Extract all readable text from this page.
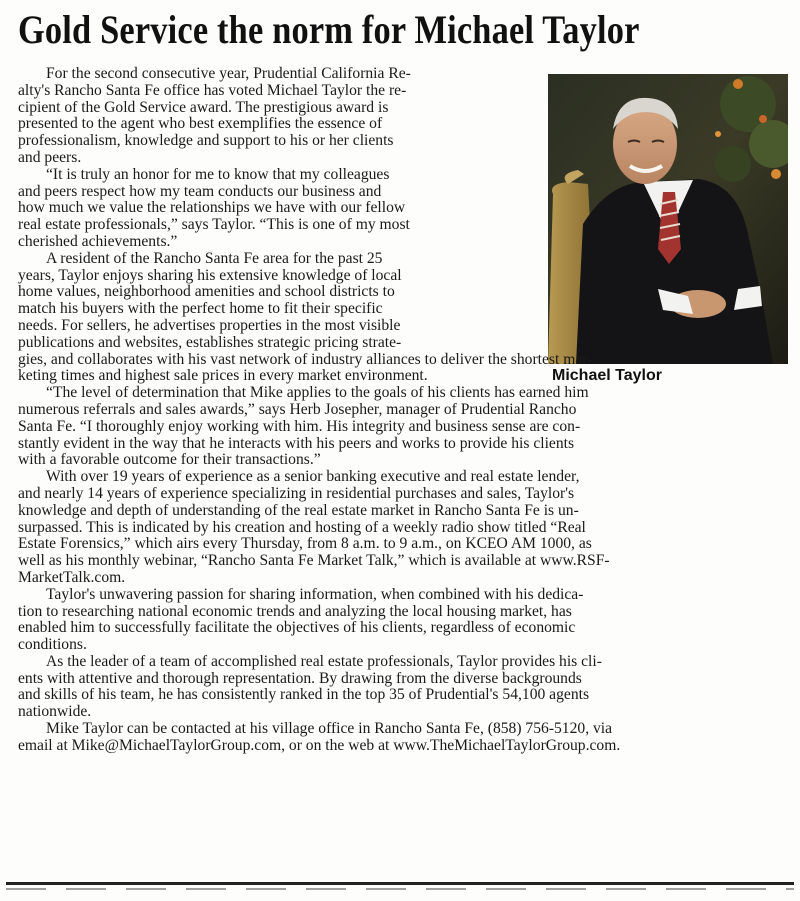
Gold Service the norm for Michael Taylor
Michael Taylor

For the second consecutive year, Prudential California Re-
alty's Rancho Santa Fe office has voted Michael Taylor the re-
cipient of the Gold Service award. The prestigious award is
presented to the agent who best exemplifies the essence of
professionalism, knowledge and support to his or her clients
and peers.

“It is truly an honor for me to know that my colleagues
and peers respect how my team conducts our business and
how much we value the relationships we have with our fellow
real estate professionals,” says Taylor. “This is one of my most
cherished achievements.”

A resident of the Rancho Santa Fe area for the past 25
years, Taylor enjoys sharing his extensive knowledge of local
home values, neighborhood amenities and school districts to
match his buyers with the perfect home to fit their specific
needs. For sellers, he advertises properties in the most visible
publications and websites, establishes strategic pricing strate-
gies, and collaborates with his vast network of industry alliances to deliver the shortest mar-
keting times and highest sale prices in every market environment.

“The level of determination that Mike applies to the goals of his clients has earned him
numerous referrals and sales awards,” says Herb Josepher, manager of Prudential Rancho
Santa Fe. “I thoroughly enjoy working with him. His integrity and business sense are con-
stantly evident in the way that he interacts with his peers and works to provide his clients
with a favorable outcome for their transactions.”

With over 19 years of experience as a senior banking executive and real estate lender,
and nearly 14 years of experience specializing in residential purchases and sales, Taylor's
knowledge and depth of understanding of the real estate market in Rancho Santa Fe is un-
surpassed. This is indicated by his creation and hosting of a weekly radio show titled “Real
Estate Forensics,” which airs every Thursday, from 8 a.m. to 9 a.m., on KCEO AM 1000, as
well as his monthly webinar, “Rancho Santa Fe Market Talk,” which is available at www.RSF-
MarketTalk.com.

Taylor's unwavering passion for sharing information, when combined with his dedica-
tion to researching national economic trends and analyzing the local housing market, has
enabled him to successfully facilitate the objectives of his clients, regardless of economic
conditions.

As the leader of a team of accomplished real estate professionals, Taylor provides his cli-
ents with attentive and thorough representation. By drawing from the diverse backgrounds
and skills of his team, he has consistently ranked in the top 35 of Prudential's 54,100 agents
nationwide.

Mike Taylor can be contacted at his village office in Rancho Santa Fe, (858) 756-5120, via
email at Mike@MichaelTaylorGroup.com, or on the web at www.TheMichaelTaylorGroup.com.
